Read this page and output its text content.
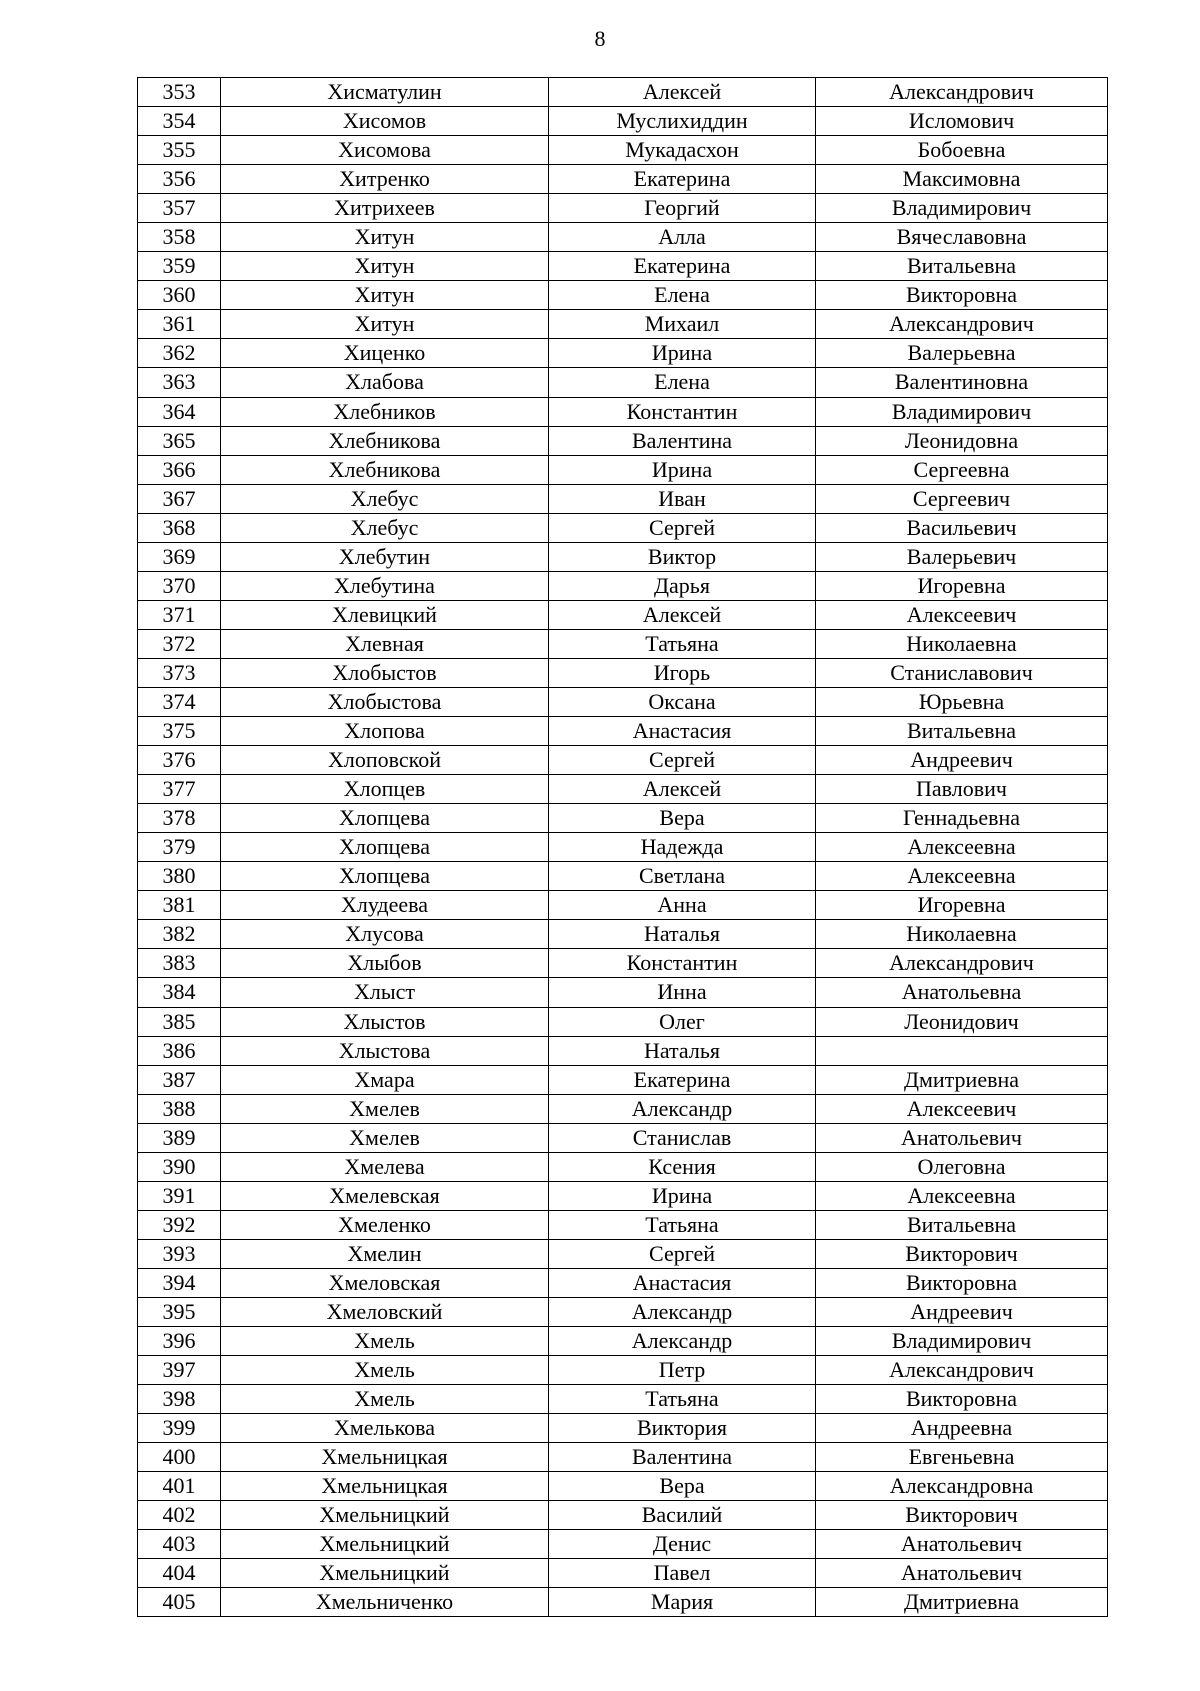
8
353	Хисматулин	Алексей	Александрович
354	Хисомов	Муслихиддин	Исломович
355	Хисомова	Мукадасхон	Бобоевна
356	Хитренко	Екатерина	Максимовна
357	Хитрихеев	Георгий	Владимирович
358	Хитун	Алла	Вячеславовна
359	Хитун	Екатерина	Витальевна
360	Хитун	Елена	Викторовна
361	Хитун	Михаил	Александрович
362	Хиценко	Ирина	Валерьевна
363	Хлабова	Елена	Валентиновна
364	Хлебников	Константин	Владимирович
365	Хлебникова	Валентина	Леонидовна
366	Хлебникова	Ирина	Сергеевна
367	Хлебус	Иван	Сергеевич
368	Хлебус	Сергей	Васильевич
369	Хлебутин	Виктор	Валерьевич
370	Хлебутина	Дарья	Игоревна
371	Хлевицкий	Алексей	Алексеевич
372	Хлевная	Татьяна	Николаевна
373	Хлобыстов	Игорь	Станиславович
374	Хлобыстова	Оксана	Юрьевна
375	Хлопова	Анастасия	Витальевна
376	Хлоповской	Сергей	Андреевич
377	Хлопцев	Алексей	Павлович
378	Хлопцева	Вера	Геннадьевна
379	Хлопцева	Надежда	Алексеевна
380	Хлопцева	Светлана	Алексеевна
381	Хлудеева	Анна	Игоревна
382	Хлусова	Наталья	Николаевна
383	Хлыбов	Константин	Александрович
384	Хлыст	Инна	Анатольевна
385	Хлыстов	Олег	Леонидович
386	Хлыстова	Наталья	
387	Хмара	Екатерина	Дмитриевна
388	Хмелев	Александр	Алексеевич
389	Хмелев	Станислав	Анатольевич
390	Хмелева	Ксения	Олеговна
391	Хмелевская	Ирина	Алексеевна
392	Хмеленко	Татьяна	Витальевна
393	Хмелин	Сергей	Викторович
394	Хмеловская	Анастасия	Викторовна
395	Хмеловский	Александр	Андреевич
396	Хмель	Александр	Владимирович
397	Хмель	Петр	Александрович
398	Хмель	Татьяна	Викторовна
399	Хмелькова	Виктория	Андреевна
400	Хмельницкая	Валентина	Евгеньевна
401	Хмельницкая	Вера	Александровна
402	Хмельницкий	Василий	Викторович
403	Хмельницкий	Денис	Анатольевич
404	Хмельницкий	Павел	Анатольевич
405	Хмельниченко	Мария	Дмитриевна
